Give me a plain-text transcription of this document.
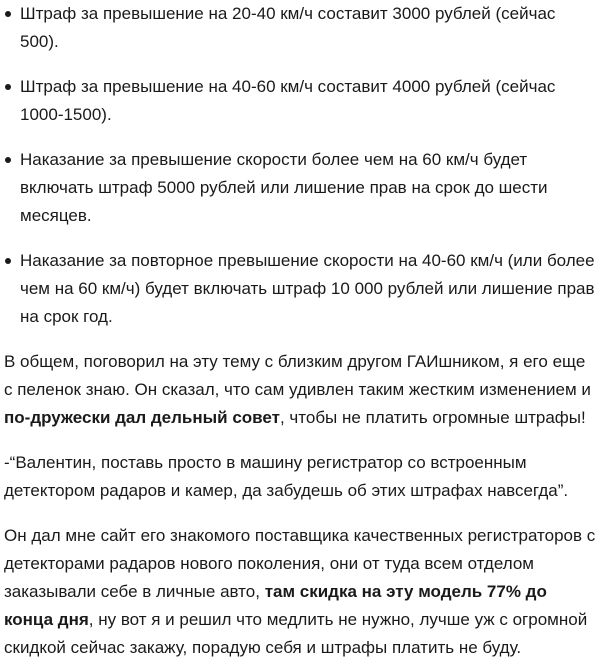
Штраф за превышение на 20-40 км/ч составит 3000 рублей (сейчас 500).
Штраф за превышение на 40-60 км/ч составит 4000 рублей (сейчас 1000-1500).
Наказание за превышение скорости более чем на 60 км/ч будет включать штраф 5000 рублей или лишение прав на срок до шести месяцев.
Наказание за повторное превышение скорости на 40-60 км/ч (или более чем на 60 км/ч) будет включать штраф 10 000 рублей или лишение прав на срок год.

В общем, поговорил на эту тему с близким другом ГАИшником, я его еще с пеленок знаю. Он сказал, что сам удивлен таким жестким изменением и по-дружески дал дельный совет, чтобы не платить огромные штрафы!

-“Валентин, поставь просто в машину регистратор со встроенным детектором радаров и камер, да забудешь об этих штрафах навсегда”.

Он дал мне сайт его знакомого поставщика качественных регистраторов с детекторами радаров нового поколения, они от туда всем отделом заказывали себе в личные авто, там скидка на эту модель 77% до конца дня, ну вот я и решил что медлить не нужно, лучше уж с огромной скидкой сейчас закажу, порадую себя и штрафы платить не буду.
